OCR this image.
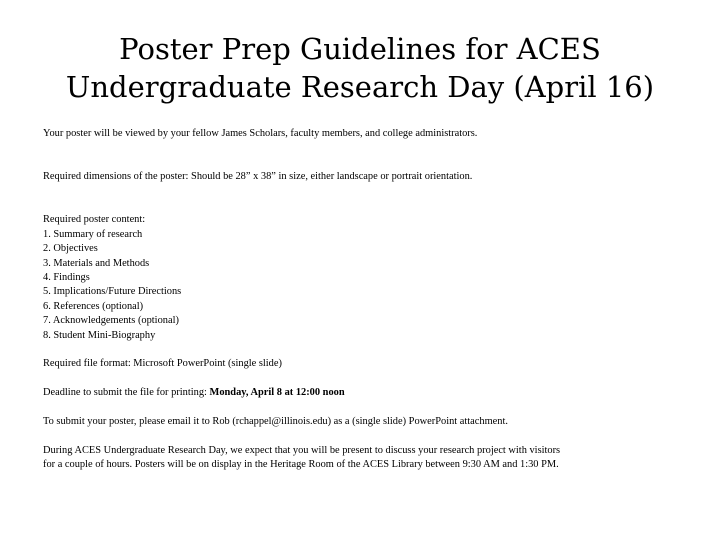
Poster Prep Guidelines for ACES
Undergraduate Research Day (April 16)

Your poster will be viewed by your fellow James Scholars, faculty members, and college administrators.

Required dimensions of the poster: Should be 28” x 38” in size, either landscape or portrait orientation.

Required poster content:

1. Summary of research
2. Objectives
3. Materials and Methods
4. Findings
5. Implications/Future Directions
6. References (optional)
7. Acknowledgements (optional)
8. Student Mini-Biography

Required file format: Microsoft PowerPoint (single slide)

Deadline to submit the file for printing: Monday, April 8 at 12:00 noon

To submit your poster, please email it to Rob (rchappel@illinois.edu) as a (single slide) PowerPoint attachment.

During ACES Undergraduate Research Day, we expect that you will be present to discuss your research project with visitors
for a couple of hours. Posters will be on display in the Heritage Room of the ACES Library between 9:30 AM and 1:30 PM.
